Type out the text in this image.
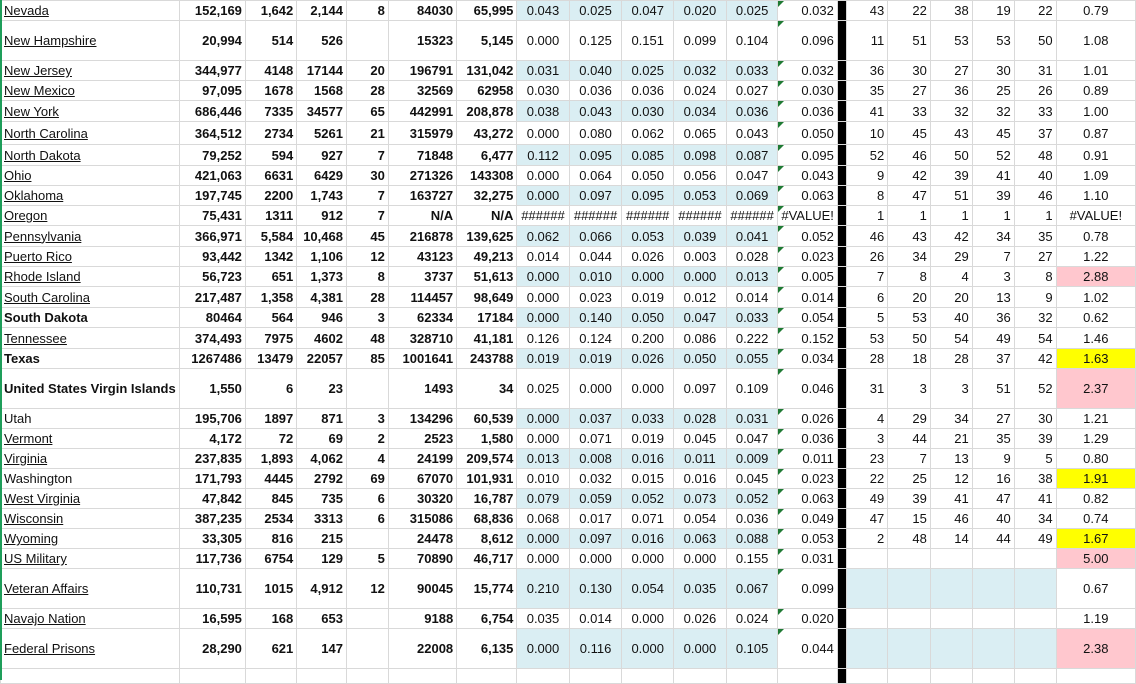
Nevada	152,169	1,642	2,144	8	84030	65,995	0.043	0.025	0.047	0.020	0.025	0.032		43	22	38	19	22	0.79
New Hampshire	20,994	514	526		15323	5,145	0.000	0.125	0.151	0.099	0.104	0.096		11	51	53	53	50	1.08
New Jersey	344,977	4148	17144	20	196791	131,042	0.031	0.040	0.025	0.032	0.033	0.032		36	30	27	30	31	1.01
New Mexico	97,095	1678	1568	28	32569	62958	0.030	0.036	0.036	0.024	0.027	0.030		35	27	36	25	26	0.89
New York	686,446	7335	34577	65	442991	208,878	0.038	0.043	0.030	0.034	0.036	0.036		41	33	32	32	33	1.00
North Carolina	364,512	2734	5261	21	315979	43,272	0.000	0.080	0.062	0.065	0.043	0.050		10	45	43	45	37	0.87
North Dakota	79,252	594	927	7	71848	6,477	0.112	0.095	0.085	0.098	0.087	0.095		52	46	50	52	48	0.91
Ohio	421,063	6631	6429	30	271326	143308	0.000	0.064	0.050	0.056	0.047	0.043		9	42	39	41	40	1.09
Oklahoma	197,745	2200	1,743	7	163727	32,275	0.000	0.097	0.095	0.053	0.069	0.063		8	47	51	39	46	1.10
Oregon	75,431	1311	912	7	N/A	N/A	######	######	######	######	######	#VALUE!		1	1	1	1	1	#VALUE!
Pennsylvania	366,971	5,584	10,468	45	216878	139,625	0.062	0.066	0.053	0.039	0.041	0.052		46	43	42	34	35	0.78
Puerto Rico	93,442	1342	1,106	12	43123	49,213	0.014	0.044	0.026	0.003	0.028	0.023		26	34	29	7	27	1.22
Rhode Island	56,723	651	1,373	8	3737	51,613	0.000	0.010	0.000	0.000	0.013	0.005		7	8	4	3	8	2.88
South Carolina	217,487	1,358	4,381	28	114457	98,649	0.000	0.023	0.019	0.012	0.014	0.014		6	20	20	13	9	1.02
South Dakota	80464	564	946	3	62334	17184	0.000	0.140	0.050	0.047	0.033	0.054		5	53	40	36	32	0.62
Tennessee	374,493	7975	4602	48	328710	41,181	0.126	0.124	0.200	0.086	0.222	0.152		53	50	54	49	54	1.46
Texas	1267486	13479	22057	85	1001641	243788	0.019	0.019	0.026	0.050	0.055	0.034		28	18	28	37	42	1.63
United States Virgin Islands	1,550	6	23		1493	34	0.025	0.000	0.000	0.097	0.109	0.046		31	3	3	51	52	2.37
Utah	195,706	1897	871	3	134296	60,539	0.000	0.037	0.033	0.028	0.031	0.026		4	29	34	27	30	1.21
Vermont	4,172	72	69	2	2523	1,580	0.000	0.071	0.019	0.045	0.047	0.036		3	44	21	35	39	1.29
Virginia	237,835	1,893	4,062	4	24199	209,574	0.013	0.008	0.016	0.011	0.009	0.011		23	7	13	9	5	0.80
Washington	171,793	4445	2792	69	67070	101,931	0.010	0.032	0.015	0.016	0.045	0.023		22	25	12	16	38	1.91
West Virginia	47,842	845	735	6	30320	16,787	0.079	0.059	0.052	0.073	0.052	0.063		49	39	41	47	41	0.82
Wisconsin	387,235	2534	3313	6	315086	68,836	0.068	0.017	0.071	0.054	0.036	0.049		47	15	46	40	34	0.74
Wyoming	33,305	816	215		24478	8,612	0.000	0.097	0.016	0.063	0.088	0.053		2	48	14	44	49	1.67
US Military	117,736	6754	129	5	70890	46,717	0.000	0.000	0.000	0.000	0.155	0.031							5.00
Veteran Affairs	110,731	1015	4,912	12	90045	15,774	0.210	0.130	0.054	0.035	0.067	0.099							0.67
Navajo Nation	16,595	168	653		9188	6,754	0.035	0.014	0.000	0.026	0.024	0.020							1.19
Federal Prisons	28,290	621	147		22008	6,135	0.000	0.116	0.000	0.000	0.105	0.044							2.38
